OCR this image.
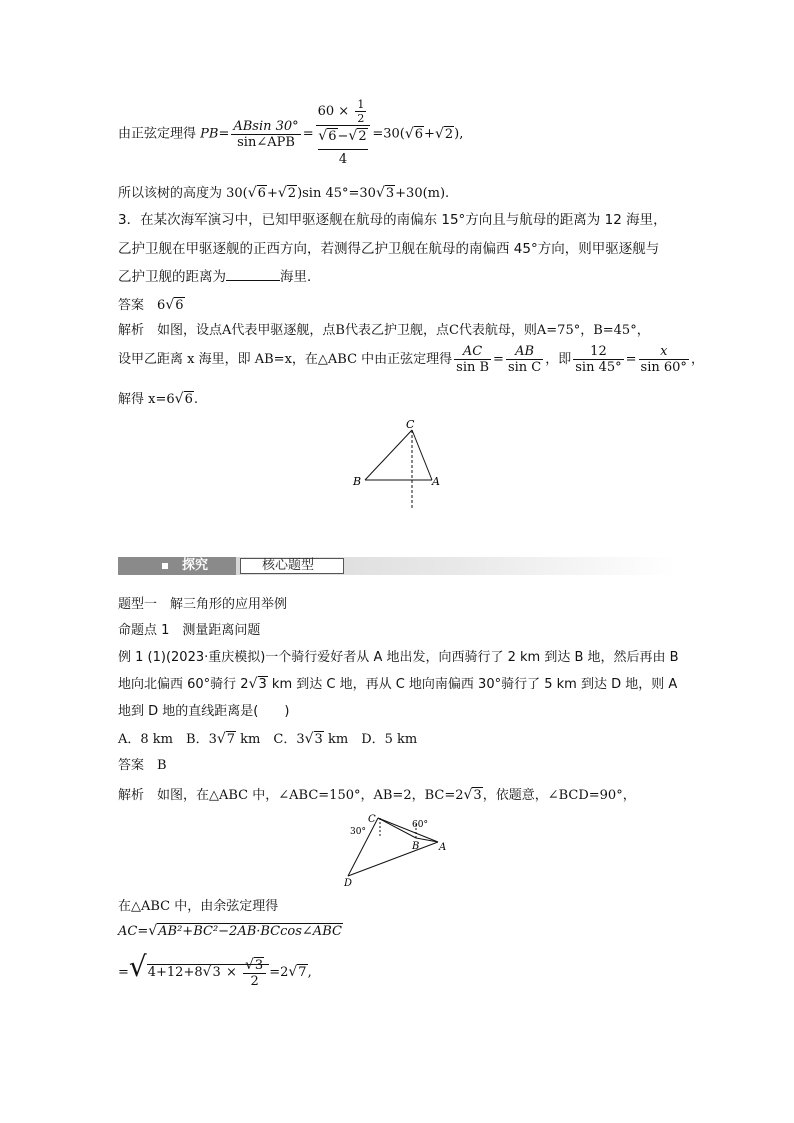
由正弦定理得 $PB= \frac{ABsin 30^\circ}{\text{sin∠APB}}$ =
$60 \times \frac{1}{2}$
√6−√2

4
=30(√6+√2),
所以该树的高度为 30(√6+√2)sin 45°=30√3+30(m).
3．在某次海军演习中，已知甲驱逐舰在航母的南偏东 15°方向且与航母的距离为 12 海里，
乙护卫舰在甲驱逐舰的正西方向，若测得乙护卫舰在航母的南偏西 45°方向，则甲驱逐舰与
乙护卫舰的距离为	海里．
答案　 6√6
解析　如图，设点A代表甲驱逐舰，点B代表乙护卫舰，点C代表航母，则A=75°，B=45°，
设甲乙距离 x 海里，即 AB=x，在△ABC 中由正弦定理得 $\frac{AC}{\text{sin B}} = \frac{AB}{\text{sin C}}$ ，即 $\frac{12}{\sin 45^\circ} = \frac{x}{\sin 60^\circ}$ ，
解得 x=6√6.
C
B	A
探究	核心题型
题型一　解三角形的应用举例
命题点 1　测量距离问题
例 1 (1)(2023·重庆模拟)一个骑行爱好者从 A 地出发，向西骑行了 2 km 到达 B 地，然后再由 B
地向北偏西 60°骑行 2√3 km 到达 C 地，再从 C 地向南偏西 30°骑行了 5 km 到达 D 地，则 A
地到 D 地的直线距离是(　　)
A．8 km　 B．3√7 km　 C．3√3 km　 D．5 km
答案　 B
解析　如图，在△ABC 中，∠ABC=150°，AB=2，BC=2√3，依题意，∠BCD=90°，
C
30°
60°
B A
D
在△ABC 中，由余弦定理得
AC=√AB²+BC²−2AB·BCcos∠ABC
$=√4+12+8√3 \times \frac{√3}{2} =2√7$,
